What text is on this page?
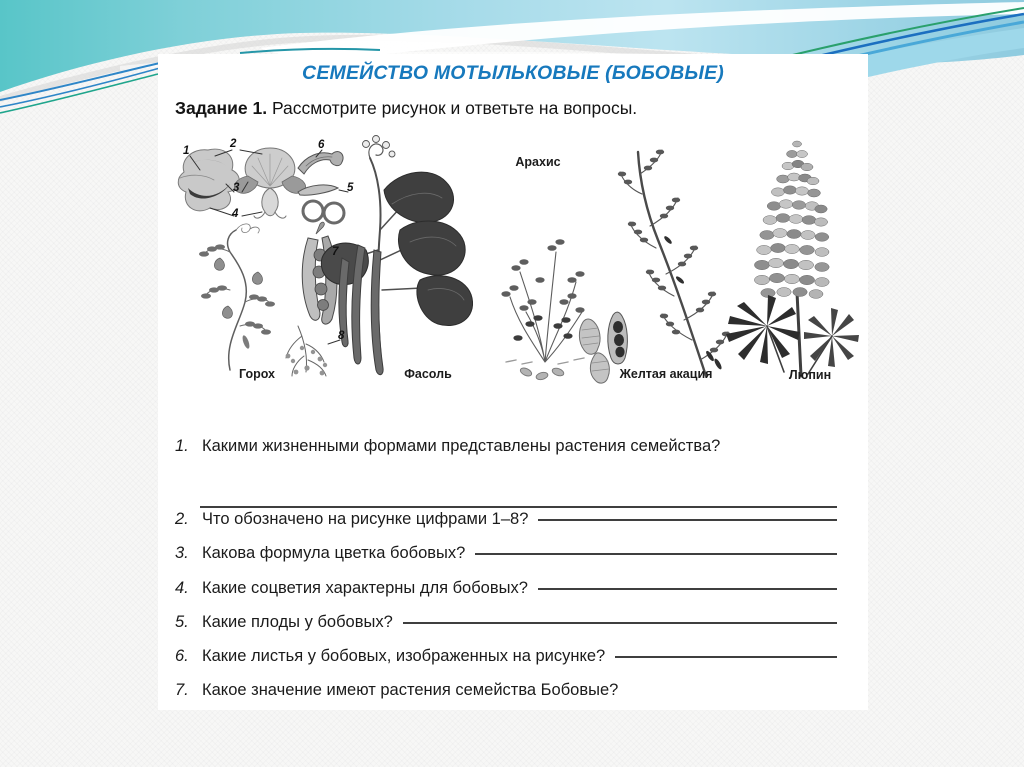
СЕМЕЙСТВО МОТЫЛЬКОВЫЕ (БОБОВЫЕ)
Задание 1. Рассмотрите рисунок и ответьте на вопросы.
1
2
3
4
6
5
7
8
Арахис
Горох	Фасоль	Желтая акация	Люпин
1. Какими жизненными формами представлены растения семейства?
2. Что обозначено на рисунке цифрами 1–8?
3. Какова формула цветка бобовых?
4. Какие соцветия характерны для бобовых?
5. Какие плоды у бобовых?
6. Какие листья у бобовых, изображенных на рисунке?
7. Какое значение имеют растения семейства Бобовые?
